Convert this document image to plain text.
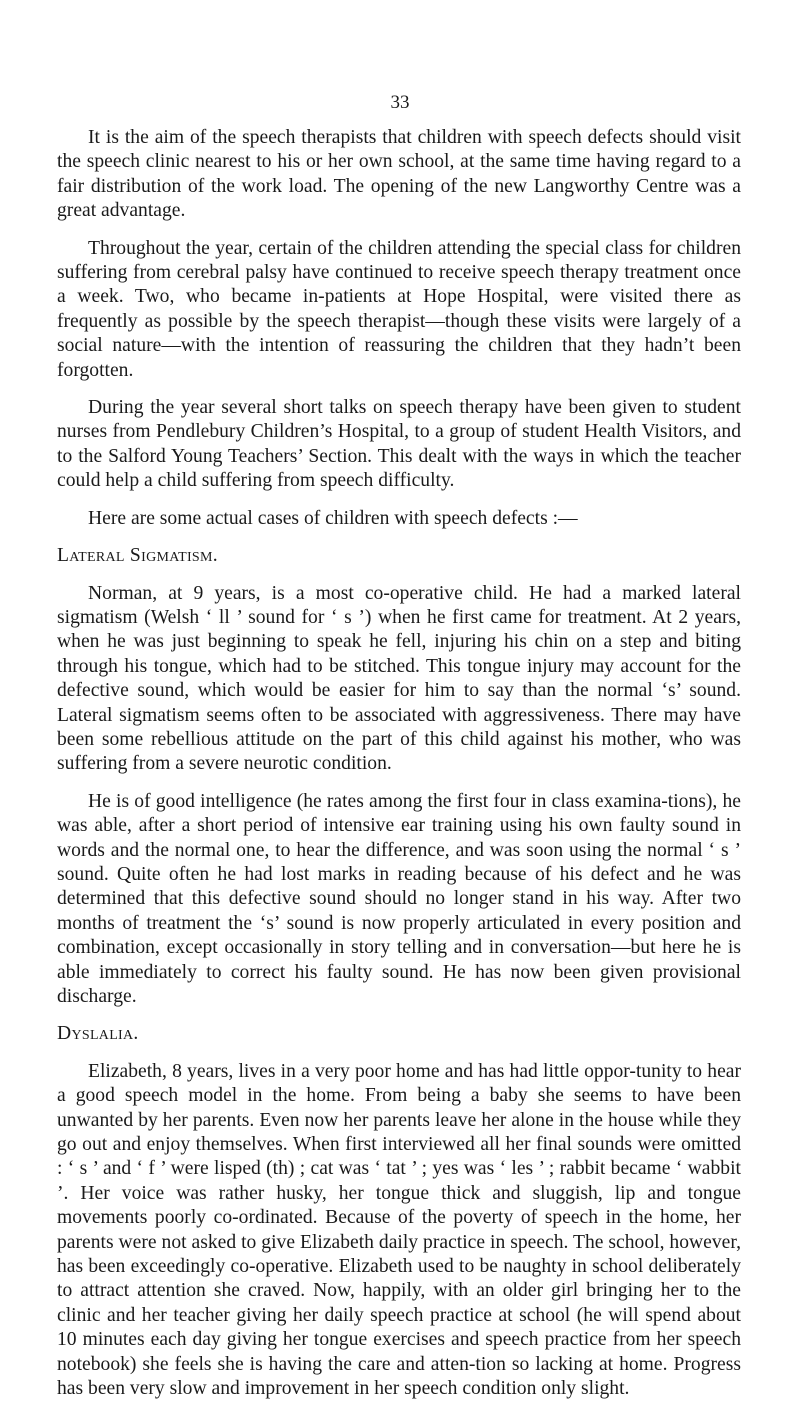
33

It is the aim of the speech therapists that children with speech defects should visit the speech clinic nearest to his or her own school, at the same time having regard to a fair distribution of the work load. The opening of the new Langworthy Centre was a great advantage.

Throughout the year, certain of the children attending the special class for children suffering from cerebral palsy have continued to receive speech therapy treatment once a week. Two, who became in-patients at Hope Hospital, were visited there as frequently as possible by the speech therapist—though these visits were largely of a social nature—with the intention of reassuring the children that they hadn’t been forgotten.

During the year several short talks on speech therapy have been given to student nurses from Pendlebury Children’s Hospital, to a group of student Health Visitors, and to the Salford Young Teachers’ Section. This dealt with the ways in which the teacher could help a child suffering from speech difficulty.

Here are some actual cases of children with speech defects :—

Lateral Sigmatism.

Norman, at 9 years, is a most co-operative child. He had a marked lateral sigmatism (Welsh ‘ ll ’ sound for ‘ s ’) when he first came for treatment. At 2 years, when he was just beginning to speak he fell, injuring his chin on a step and biting through his tongue, which had to be stitched. This tongue injury may account for the defective sound, which would be easier for him to say than the normal ‘s’ sound. Lateral sigmatism seems often to be associated with aggressiveness. There may have been some rebellious attitude on the part of this child against his mother, who was suffering from a severe neurotic condition.

He is of good intelligence (he rates among the first four in class examina-tions), he was able, after a short period of intensive ear training using his own faulty sound in words and the normal one, to hear the difference, and was soon using the normal ‘ s ’ sound. Quite often he had lost marks in reading because of his defect and he was determined that this defective sound should no longer stand in his way. After two months of treatment the ‘s’ sound is now properly articulated in every position and combination, except occasionally in story telling and in conversation—but here he is able immediately to correct his faulty sound. He has now been given provisional discharge.

Dyslalia.

Elizabeth, 8 years, lives in a very poor home and has had little oppor-tunity to hear a good speech model in the home. From being a baby she seems to have been unwanted by her parents. Even now her parents leave her alone in the house while they go out and enjoy themselves. When first interviewed all her final sounds were omitted : ‘ s ’ and ‘ f ’ were lisped (th) ; cat was ‘ tat ’ ; yes was ‘ les ’ ; rabbit became ‘ wabbit ’. Her voice was rather husky, her tongue thick and sluggish, lip and tongue movements poorly co-ordinated. Because of the poverty of speech in the home, her parents were not asked to give Elizabeth daily practice in speech. The school, however, has been exceedingly co-operative. Elizabeth used to be naughty in school deliberately to attract attention she craved. Now, happily, with an older girl bringing her to the clinic and her teacher giving her daily speech practice at school (he will spend about 10 minutes each day giving her tongue exercises and speech practice from her speech notebook) she feels she is having the care and atten-tion so lacking at home. Progress has been very slow and improvement in her speech condition only slight.
